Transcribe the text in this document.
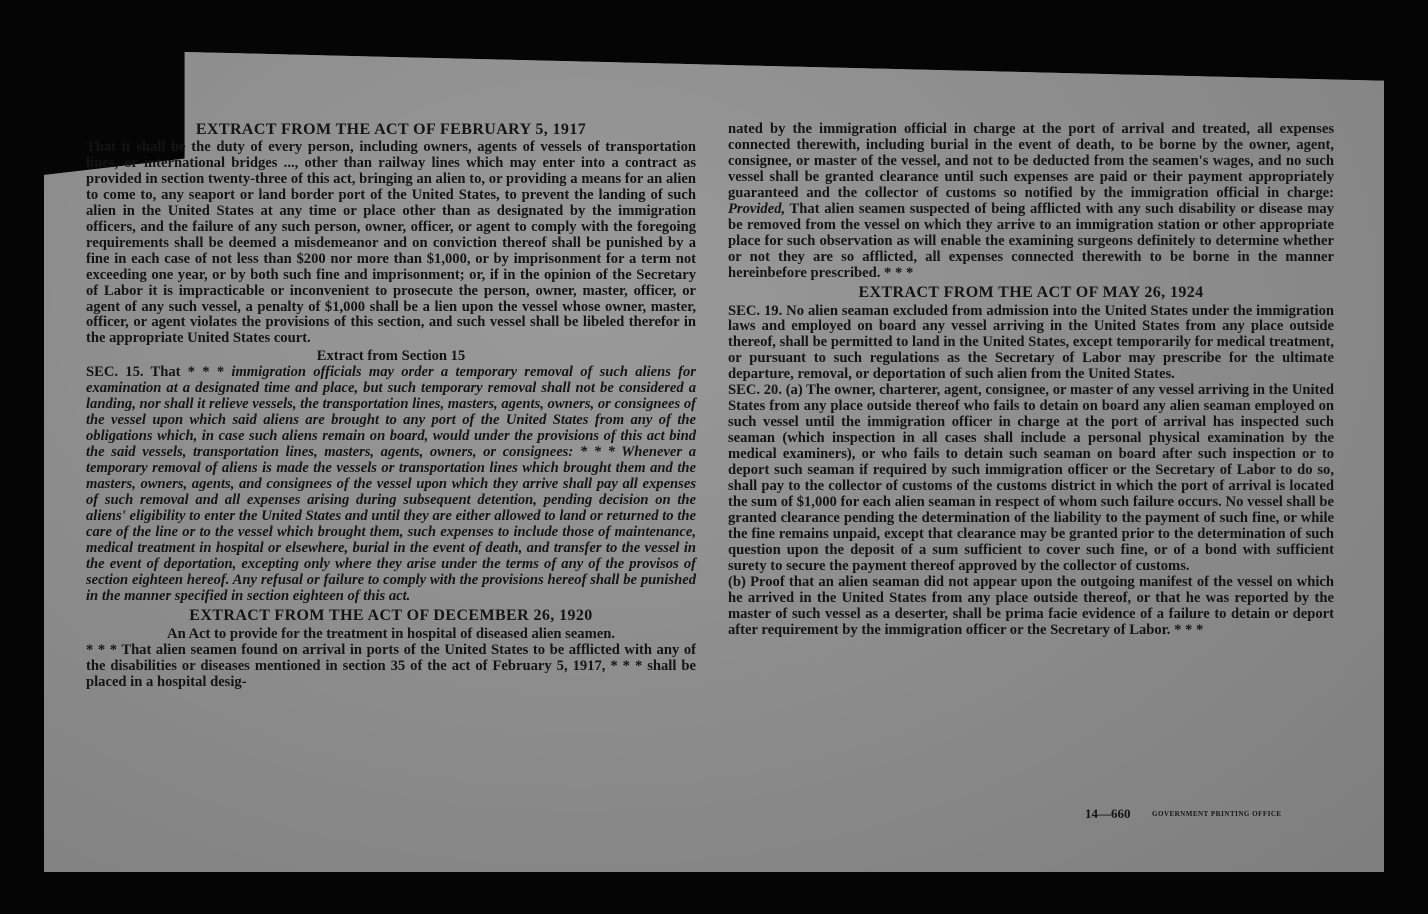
EXTRACT FROM THE ACT OF FEBRUARY 5, 1917

That it shall be the duty of every person, including owners, agents of vessels of transportation lines, or international bridges ..., other than railway lines which may enter into a contract as provided in section twenty-three of this act, bringing an alien to, or providing a means for an alien to come to, any seaport or land border port of the United States, to prevent the landing of such alien in the United States at any time or place other than as designated by the immigration officers, and the failure of any such person, owner, officer, or agent to comply with the foregoing requirements shall be deemed a misdemeanor and on conviction thereof shall be punished by a fine in each case of not less than $200 nor more than $1,000, or by imprisonment for a term not exceeding one year, or by both such fine and imprisonment; or, if in the opinion of the Secretary of Labor it is impracticable or inconvenient to prosecute the person, owner, master, officer, or agent of any such vessel, a penalty of $1,000 shall be a lien upon the vessel whose owner, master, officer, or agent violates the provisions of this section, and such vessel shall be libeled therefor in the appropriate United States court.

Extract from Section 15

SEC. 15. That * * * immigration officials may order a temporary removal of such aliens for examination at a designated time and place, but such temporary removal shall not be considered a landing, nor shall it relieve vessels, the transportation lines, masters, agents, owners, or consignees of the vessel upon which said aliens are brought to any port of the United States from any of the obligations which, in case such aliens remain on board, would under the provisions of this act bind the said vessels, transportation lines, masters, agents, owners, or consignees: * * * Whenever a temporary removal of aliens is made the vessels or transportation lines which brought them and the masters, owners, agents, and consignees of the vessel upon which they arrive shall pay all expenses of such removal and all expenses arising during subsequent detention, pending decision on the aliens' eligibility to enter the United States and until they are either allowed to land or returned to the care of the line or to the vessel which brought them, such expenses to include those of maintenance, medical treatment in hospital or elsewhere, burial in the event of death, and transfer to the vessel in the event of deportation, excepting only where they arise under the terms of any of the provisos of section eighteen hereof. Any refusal or failure to comply with the provisions hereof shall be punished in the manner specified in section eighteen of this act.

EXTRACT FROM THE ACT OF DECEMBER 26, 1920

An Act to provide for the treatment in hospital of diseased alien seamen.

* * * That alien seamen found on arrival in ports of the United States to be afflicted with any of the disabilities or diseases mentioned in section 35 of the act of February 5, 1917, * * * shall be placed in a hospital desig-

nated by the immigration official in charge at the port of arrival and treated, all expenses connected therewith, including burial in the event of death, to be borne by the owner, agent, consignee, or master of the vessel, and not to be deducted from the seamen's wages, and no such vessel shall be granted clearance until such expenses are paid or their payment appropriately guaranteed and the collector of customs so notified by the immigration official in charge: Provided, That alien seamen suspected of being afflicted with any such disability or disease may be removed from the vessel on which they arrive to an immigration station or other appropriate place for such observation as will enable the examining surgeons definitely to determine whether or not they are so afflicted, all expenses connected therewith to be borne in the manner hereinbefore prescribed. * * *

EXTRACT FROM THE ACT OF MAY 26, 1924

SEC. 19. No alien seaman excluded from admission into the United States under the immigration laws and employed on board any vessel arriving in the United States from any place outside thereof, shall be permitted to land in the United States, except temporarily for medical treatment, or pursuant to such regulations as the Secretary of Labor may prescribe for the ultimate departure, removal, or deportation of such alien from the United States.

SEC. 20. (a) The owner, charterer, agent, consignee, or master of any vessel arriving in the United States from any place outside thereof who fails to detain on board any alien seaman employed on such vessel until the immigration officer in charge at the port of arrival has inspected such seaman (which inspection in all cases shall include a personal physical examination by the medical examiners), or who fails to detain such seaman on board after such inspection or to deport such seaman if required by such immigration officer or the Secretary of Labor to do so, shall pay to the collector of customs of the customs district in which the port of arrival is located the sum of $1,000 for each alien seaman in respect of whom such failure occurs. No vessel shall be granted clearance pending the determination of the liability to the payment of such fine, or while the fine remains unpaid, except that clearance may be granted prior to the determination of such question upon the deposit of a sum sufficient to cover such fine, or of a bond with sufficient surety to secure the payment thereof approved by the collector of customs.

(b) Proof that an alien seaman did not appear upon the outgoing manifest of the vessel on which he arrived in the United States from any place outside thereof, or that he was reported by the master of such vessel as a deserter, shall be prima facie evidence of a failure to detain or deport after requirement by the immigration officer or the Secretary of Labor. * * *

14—660	GOVERNMENT PRINTING OFFICE
